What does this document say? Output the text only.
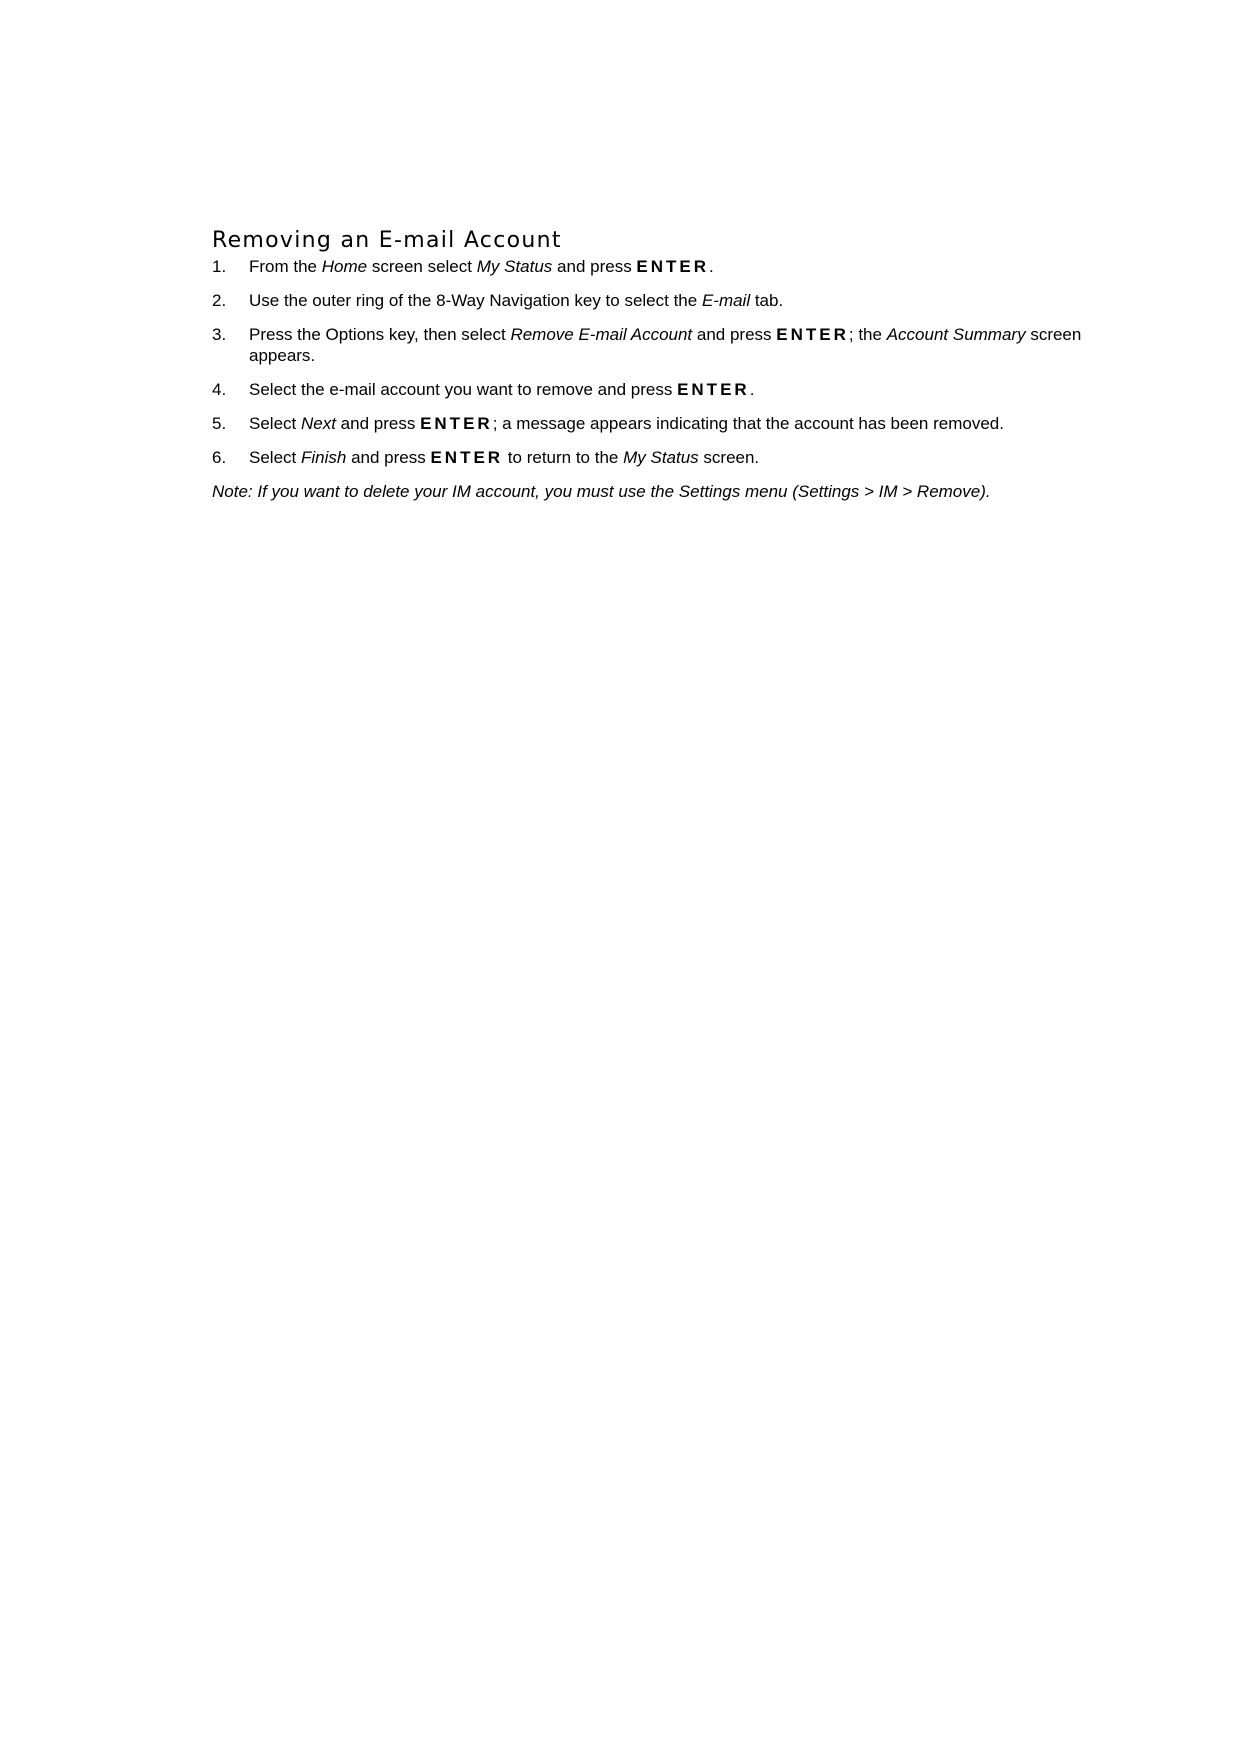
Removing an E-mail Account
1. From the Home screen select My Status and press ENTER.
2. Use the outer ring of the 8-Way Navigation key to select the E-mail tab.
3. Press the Options key, then select Remove E-mail Account and press ENTER; the Account Summary screen appears.
4. Select the e-mail account you want to remove and press ENTER.
5. Select Next and press ENTER; a message appears indicating that the account has been removed.
6. Select Finish and press ENTER to return to the My Status screen.

Note: If you want to delete your IM account, you must use the Settings menu (Settings > IM > Remove).
